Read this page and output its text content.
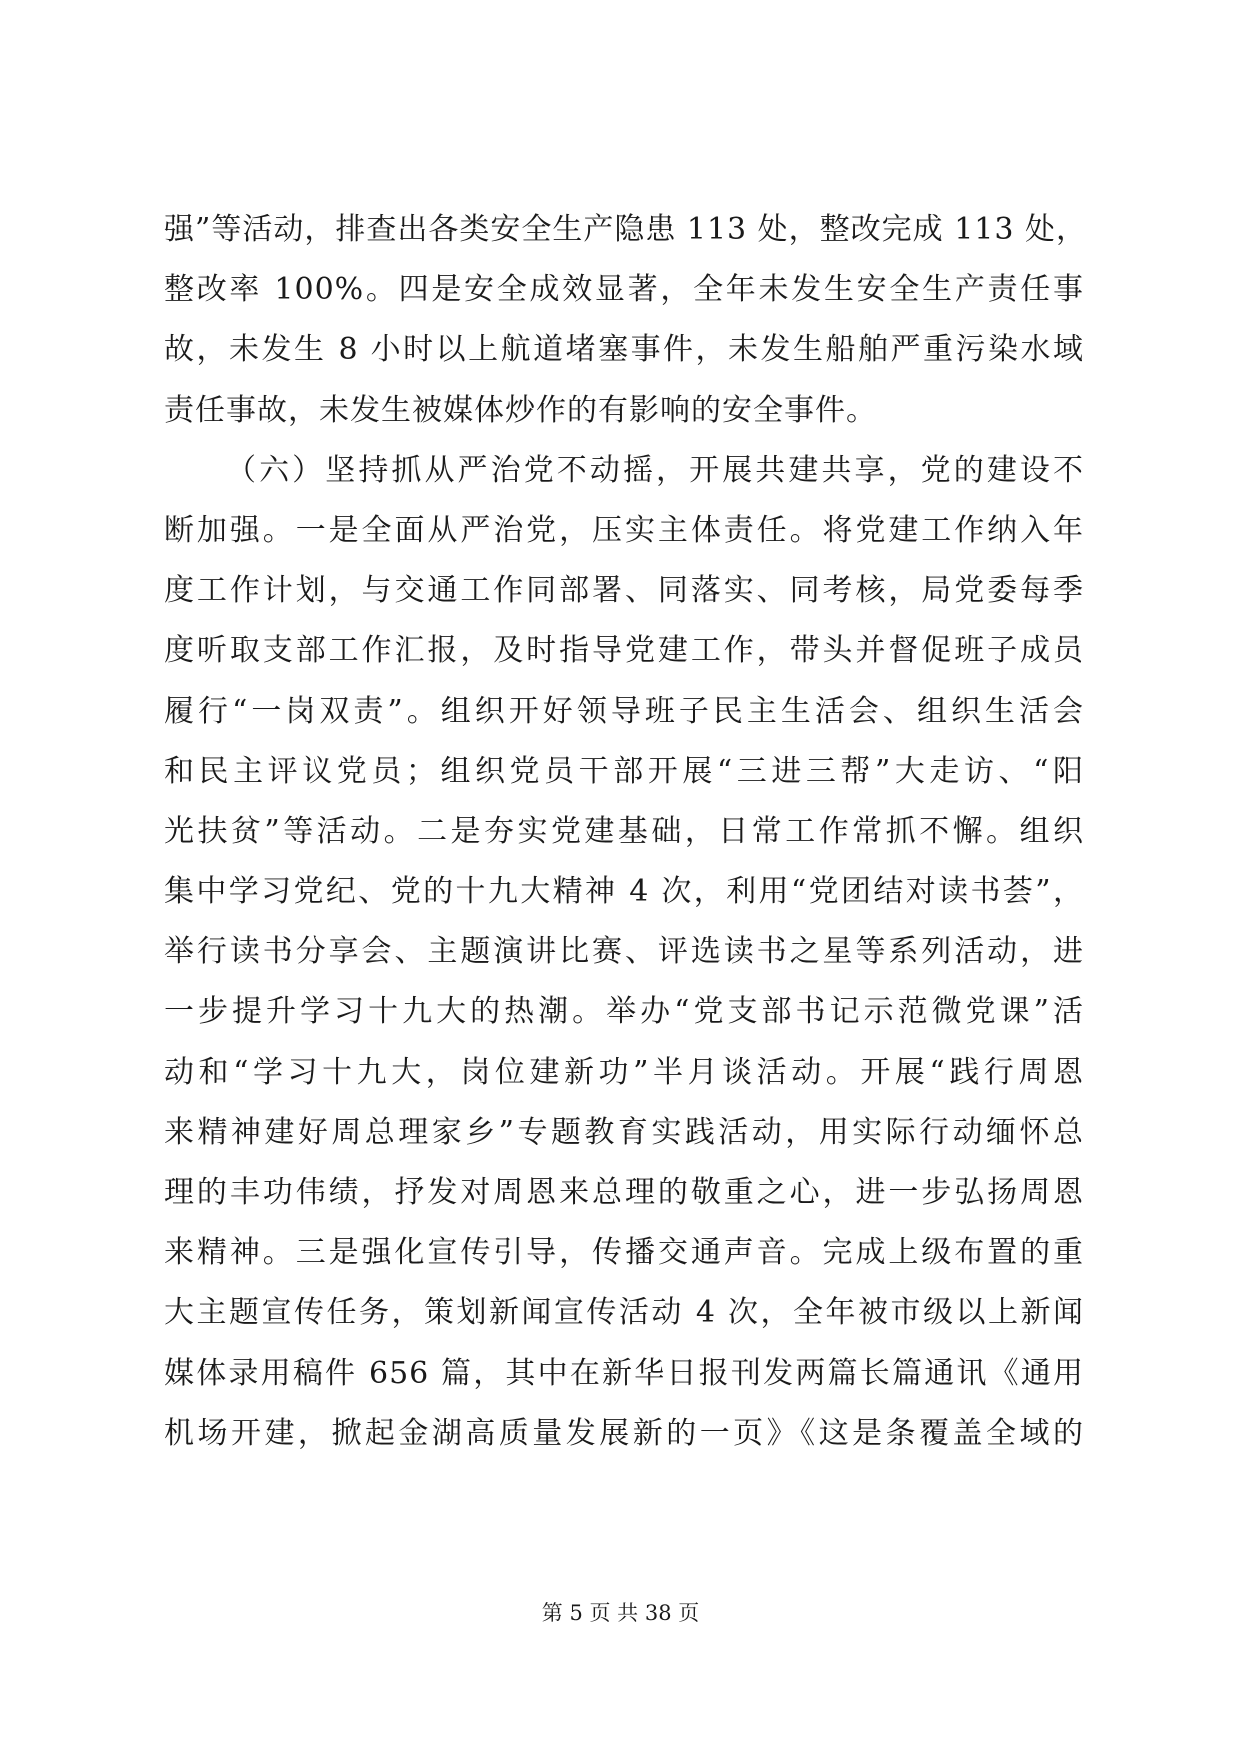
强”等活动，排查出各类安全生产隐患 113 处，整改完成 113 处，
整改率 100%。四是安全成效显著，全年未发生安全生产责任事
故，未发生 8 小时以上航道堵塞事件，未发生船舶严重污染水域
责任事故，未发生被媒体炒作的有影响的安全事件。
（六）坚持抓从严治党不动摇，开展共建共享，党的建设不
断加强。一是全面从严治党，压实主体责任。将党建工作纳入年
度工作计划，与交通工作同部署、同落实、同考核，局党委每季
度听取支部工作汇报，及时指导党建工作，带头并督促班子成员
履行“一岗双责”。组织开好领导班子民主生活会、组织生活会
和民主评议党员；组织党员干部开展“三进三帮”大走访、“阳
光扶贫”等活动。二是夯实党建基础，日常工作常抓不懈。组织
集中学习党纪、党的十九大精神 4 次，利用“党团结对读书荟”，
举行读书分享会、主题演讲比赛、评选读书之星等系列活动，进
一步提升学习十九大的热潮。举办“党支部书记示范微党课”活
动和“学习十九大，岗位建新功”半月谈活动。开展“践行周恩
来精神建好周总理家乡”专题教育实践活动，用实际行动缅怀总
理的丰功伟绩，抒发对周恩来总理的敬重之心，进一步弘扬周恩
来精神。三是强化宣传引导，传播交通声音。完成上级布置的重
大主题宣传任务，策划新闻宣传活动 4 次，全年被市级以上新闻
媒体录用稿件 656 篇，其中在新华日报刊发两篇长篇通讯《通用
机场开建，掀起金湖高质量发展新的一页》《这是条覆盖全域的
第 5 页 共 38 页
